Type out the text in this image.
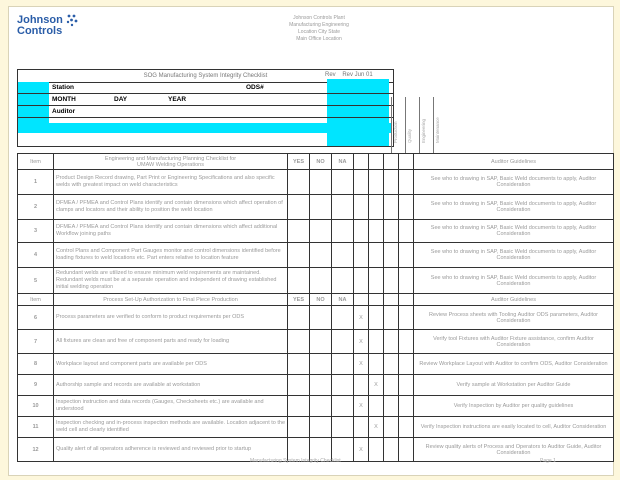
Johnson
Controls
Johnson Controls Plant
Manufacturing Engineering
Location City State
Main Office Location
SOG Manufacturing System Integrity Checklist	Rev Rev Jun 01
Station	ODS#
MONTH	DAY	YEAR
Auditor
Production Quality Engineering Maintenance
Item	Engineering and Manufacturing Planning Checklist for
UMAW Welding Operations	YES	NO	NA					Auditor Guidelines
1	Product Design Record drawing, Part Print or Engineering Specifications and also specific welds with greatest impact on weld characteristics								See who to drawing in SAP, Basic Weld documents to apply, Auditor Consideration
2	DFMEA / PFMEA and Control Plans identify and contain dimensions which affect operation of clamps and locators and their ability to position the weld location								See who to drawing in SAP, Basic Weld documents to apply, Auditor Consideration
3	DFMEA / PFMEA and Control Plans identify and contain dimensions which affect additional Workflow joining paths								See who to drawing in SAP, Basic Weld documents to apply, Auditor Consideration
4	Control Plans and Component Part Gauges monitor and control dimensions identified before loading fixtures to weld locations etc. Part enters relative to location feature								See who to drawing in SAP, Basic Weld documents to apply, Auditor Consideration
5	Redundant welds are utilized to ensure minimum weld requirements are maintained. Redundant welds must be at a separate operation and independent of drawing established initial welding operation								See who to drawing in SAP, Basic Weld documents to apply, Auditor Consideration
Item	Process Set-Up Authorization to Final Piece Production	YES	NO	NA					Auditor Guidelines
6	Process parameters are verified to conform to product requirements per ODS				X				Review Process sheets with Tooling Auditor ODS parameters, Auditor Consideration
7	All fixtures are clean and free of component parts and ready for loading				X				Verify tool Fixtures with Auditor Fixture assistance, confirm Auditor Consideration
8	Workplace layout and component parts are available per ODS				X				Review Workplace Layout with Auditor to confirm ODS, Auditor Consideration
9	Authorship sample and records are available at workstation					X			Verify sample at Workstation per Auditor Guide
10	Inspection instruction and data records (Gauges, Checksheets etc.) are available and understood				X				Verify Inspection by Auditor per quality guidelines
11	Inspection checking and in-process inspection methods are available. Location adjacent to the weld cell and clearly identified					X			Verify Inspection instructions are easily located to cell, Auditor Consideration
12	Quality alert of all operators adherence is reviewed and reviewed prior to startup				X				Review quality alerts of Process and Operators to Auditor Guide, Auditor Consideration
Manufacturing System Integrity Checklist	Page 1
